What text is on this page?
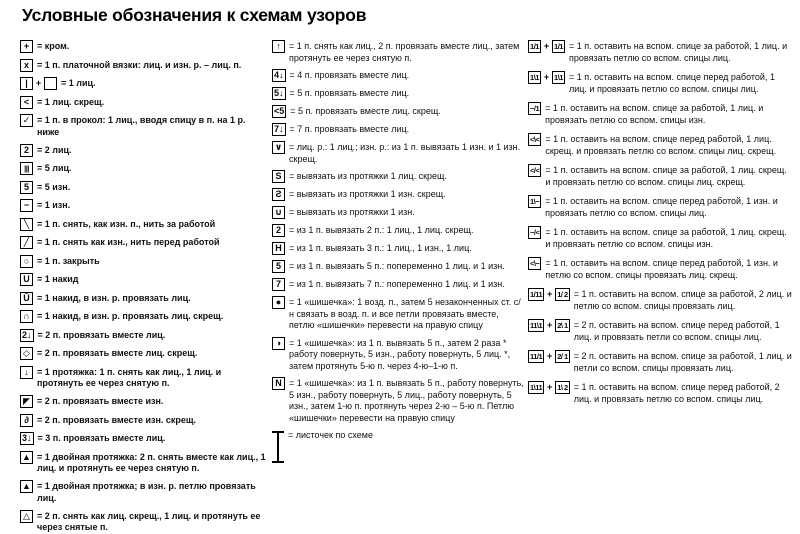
Условные обозначения к схемам узоров
+ = кром.
x = 1 п. платочной вязки: лиц. и изн. р. – лиц. п.
| + = 1 лиц.
< = 1 лиц. скрещ.
✓ = 1 п. в прокол: 1 лиц., вводя спицу в п. на 1 р. ниже
2 = 2 лиц.
||| = 5 лиц.
5 = 5 изн.
− = 1 изн.
╲ = 1 п. снять, как изн. п., нить за работой
╱ = 1 п. снять как изн., нить перед работой
○ = 1 п. закрыть
U = 1 накид
Ŭ = 1 накид, в изн. р. провязать лиц.
∩ = 1 накид, в изн. р. провязать лиц. скрещ.
2↓ = 2 п. провязать вместе лиц.
◇ = 2 п. провязать вместе лиц. скрещ.
↓ = 1 протяжка: 1 п. снять как лиц., 1 лиц. и протянуть ее через снятую п.
◤ = 2 п. провязать вместе изн.
∂ = 2 п. провязать вместе изн. скрещ.
3↓ = 3 п. провязать вместе лиц.
▲ = 1 двойная протяжка: 2 п. снять вместе как лиц., 1 лиц. и протянуть ее через снятую п.
▲ = 1 двойная протяжка; в изн. р. петлю провязать лиц.
△ = 2 п. снять как лиц. скрещ., 1 лиц. и протянуть ее через снятые п.
↑ = 1 п. снять как лиц., 2 п. провязать вместе лиц., затем протянуть ее через снятую п.
4↓ = 4 п. провязать вместе лиц.
5↓ = 5 п. провязать вместе лиц.
<5 = 5 п. провязать вместе лиц. скрещ.
7↓ = 7 п. провязать вместе лиц.
∨ = лиц. р.: 1 лиц.; изн. р.: из 1 п. вывязать 1 изн. и 1 изн. скрещ.
S = вывязать из протяжки 1 лиц. скрещ.
Ƨ = вывязать из протяжки 1 изн. скрещ.
∪ = вывязать из протяжки 1 изн.
2 = из 1 п. вывязать 2 п.: 1 лиц., 1 лиц. скрещ.
H = из 1 п. вывязать 3 п.: 1 лиц., 1 изн., 1 лиц.
5 = из 1 п. вывязать 5 п.: попеременно 1 лиц. и 1 изн.
7 = из 1 п. вывязать 7 п.: попеременно 1 лиц. и 1 изн.
● = 1 «шишечка»: 1 возд. п., затем 5 незаконченных ст. с/н связать в возд. п. и все петли провязать вместе, петлю «шишечки» перевести на правую спицу
◑ = 1 «шишечка»: из 1 п. вывязать 5 п., затем 2 раза * работу повернуть, 5 изн., работу повернуть, 5 лиц. *, затем протянуть 5-ю п. через 4-ю–1-ю п.
N = 1 «шишечка»: из 1 п. вывязать 5 п., работу повернуть, 5 изн., работу повернуть, 5 лиц., работу повернуть, 5 изн., затем 1-ю п. протянуть через 2-ю – 5-ю п. Петлю «шишечки» перевести на правую спицу
= листочек по схеме
1/1 + 1/1 = 1 п. оставить на вспом. спице за работой, 1 лиц. и провязать петлю со вспом. спицы лиц.
1\1 + 1\1 = 1 п. оставить на вспом. спице перед работой, 1 лиц. и провязать петлю со вспом. спицы лиц.
−/1 = 1 п. оставить на вспом. спице за работой, 1 лиц. и провязать петлю со вспом. спицы изн.
<\< = 1 п. оставить на вспом. спице перед работой, 1 лиц. скрещ. и провязать петлю со вспом. спицы лиц. скрещ.
</< = 1 п. оставить на вспом. спице за работой, 1 лиц. скрещ. и провязать петлю со вспом. спицы лиц. скрещ.
1\− = 1 п. оставить на вспом. спице перед работой, 1 изн. и провязать петлю со вспом. спицы лиц.
−/< = 1 п. оставить на вспом. спице за работой, 1 лиц. скрещ. и провязать петлю со вспом. спицы изн.
<\− = 1 п. оставить на вспом. спице перед работой, 1 изн. и петлю со вспом. спицы провязать лиц. скрещ.
1/11 + 1/ 2 = 1 п. оставить на вспом. спице за работой, 2 лиц. и петлю со вспом. спицы провязать лиц.
11\1 + 2\ 1 = 2 п. оставить на вспом. спице перед работой, 1 лиц. и провязать петли со вспом. спицы лиц.
11/1 + 2/ 1 = 2 п. оставить на вспом. спице за работой, 1 лиц. и петли со вспом. спицы провязать лиц.
1\11 + 1\ 2 = 1 п. оставить на вспом. спице перед работой, 2 лиц. и провязать петлю со вспом. спицы лиц.
